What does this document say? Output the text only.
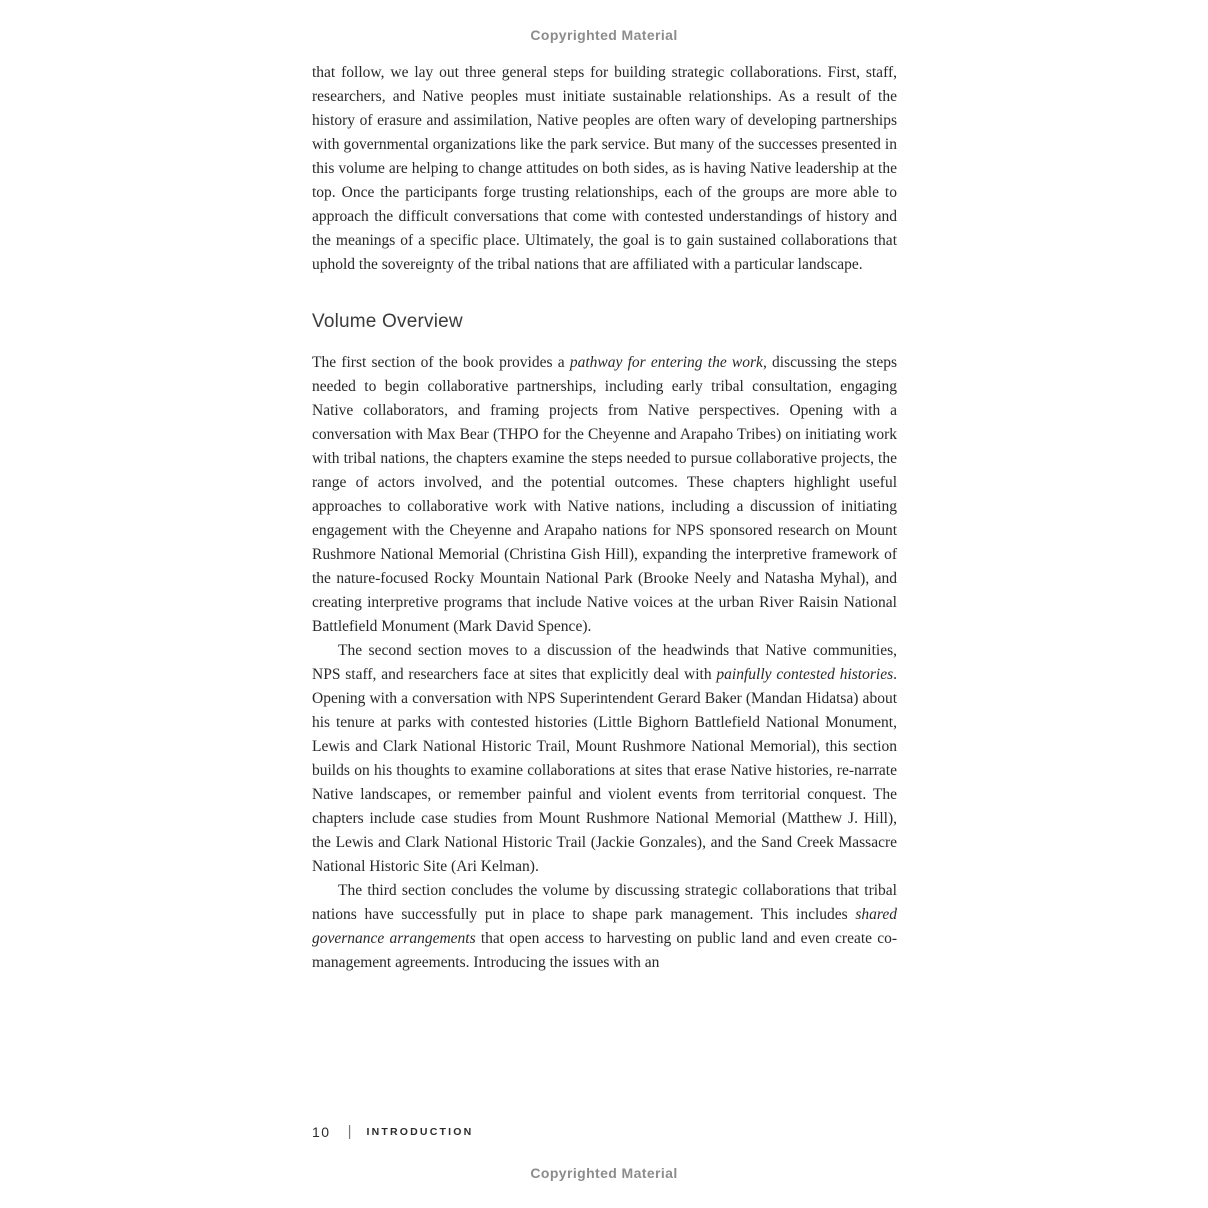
Copyrighted Material

that follow, we lay out three general steps for building strategic collaborations. First, staff, researchers, and Native peoples must initiate sustainable relationships. As a result of the history of erasure and assimilation, Native peoples are often wary of developing partnerships with governmental organizations like the park service. But many of the successes presented in this volume are helping to change attitudes on both sides, as is having Native leadership at the top. Once the participants forge trusting relationships, each of the groups are more able to approach the difficult conversations that come with contested understandings of history and the meanings of a specific place. Ultimately, the goal is to gain sustained collaborations that uphold the sovereignty of the tribal nations that are affiliated with a particular landscape.

Volume Overview

The first section of the book provides a pathway for entering the work, discussing the steps needed to begin collaborative partnerships, including early tribal consultation, engaging Native collaborators, and framing projects from Native perspectives. Opening with a conversation with Max Bear (THPO for the Cheyenne and Arapaho Tribes) on initiating work with tribal nations, the chapters examine the steps needed to pursue collaborative projects, the range of actors involved, and the potential outcomes. These chapters highlight useful approaches to collaborative work with Native nations, including a discussion of initiating engagement with the Cheyenne and Arapaho nations for NPS sponsored research on Mount Rushmore National Memorial (Christina Gish Hill), expanding the interpretive framework of the nature-focused Rocky Mountain National Park (Brooke Neely and Natasha Myhal), and creating interpretive programs that include Native voices at the urban River Raisin National Battlefield Monument (Mark David Spence).

The second section moves to a discussion of the headwinds that Native communities, NPS staff, and researchers face at sites that explicitly deal with painfully contested histories. Opening with a conversation with NPS Superintendent Gerard Baker (Mandan Hidatsa) about his tenure at parks with contested histories (Little Bighorn Battlefield National Monument, Lewis and Clark National Historic Trail, Mount Rushmore National Memorial), this section builds on his thoughts to examine collaborations at sites that erase Native histories, re-narrate Native landscapes, or remember painful and violent events from territorial conquest. The chapters include case studies from Mount Rushmore National Memorial (Matthew J. Hill), the Lewis and Clark National Historic Trail (Jackie Gonzales), and the Sand Creek Massacre National Historic Site (Ari Kelman).

The third section concludes the volume by discussing strategic collaborations that tribal nations have successfully put in place to shape park management. This includes shared governance arrangements that open access to harvesting on public land and even create co-management agreements. Introducing the issues with an

10 | INTRODUCTION
Copyrighted Material
